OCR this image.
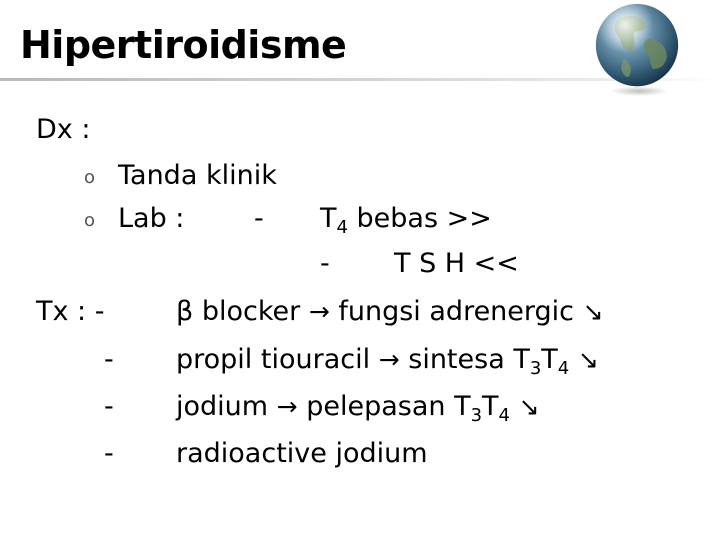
Hipertiroidisme
Dx :
o Tanda klinik
o Lab :	- $T_4$ bebas >>
- T S H <<
Tx : -	β blocker → fungsi adrenergic ↘
- propil tiouracil → sintesa $T_3T_4$ ↘
- jodium → pelepasan $T_3T_4$ ↘
- radioactive jodium
